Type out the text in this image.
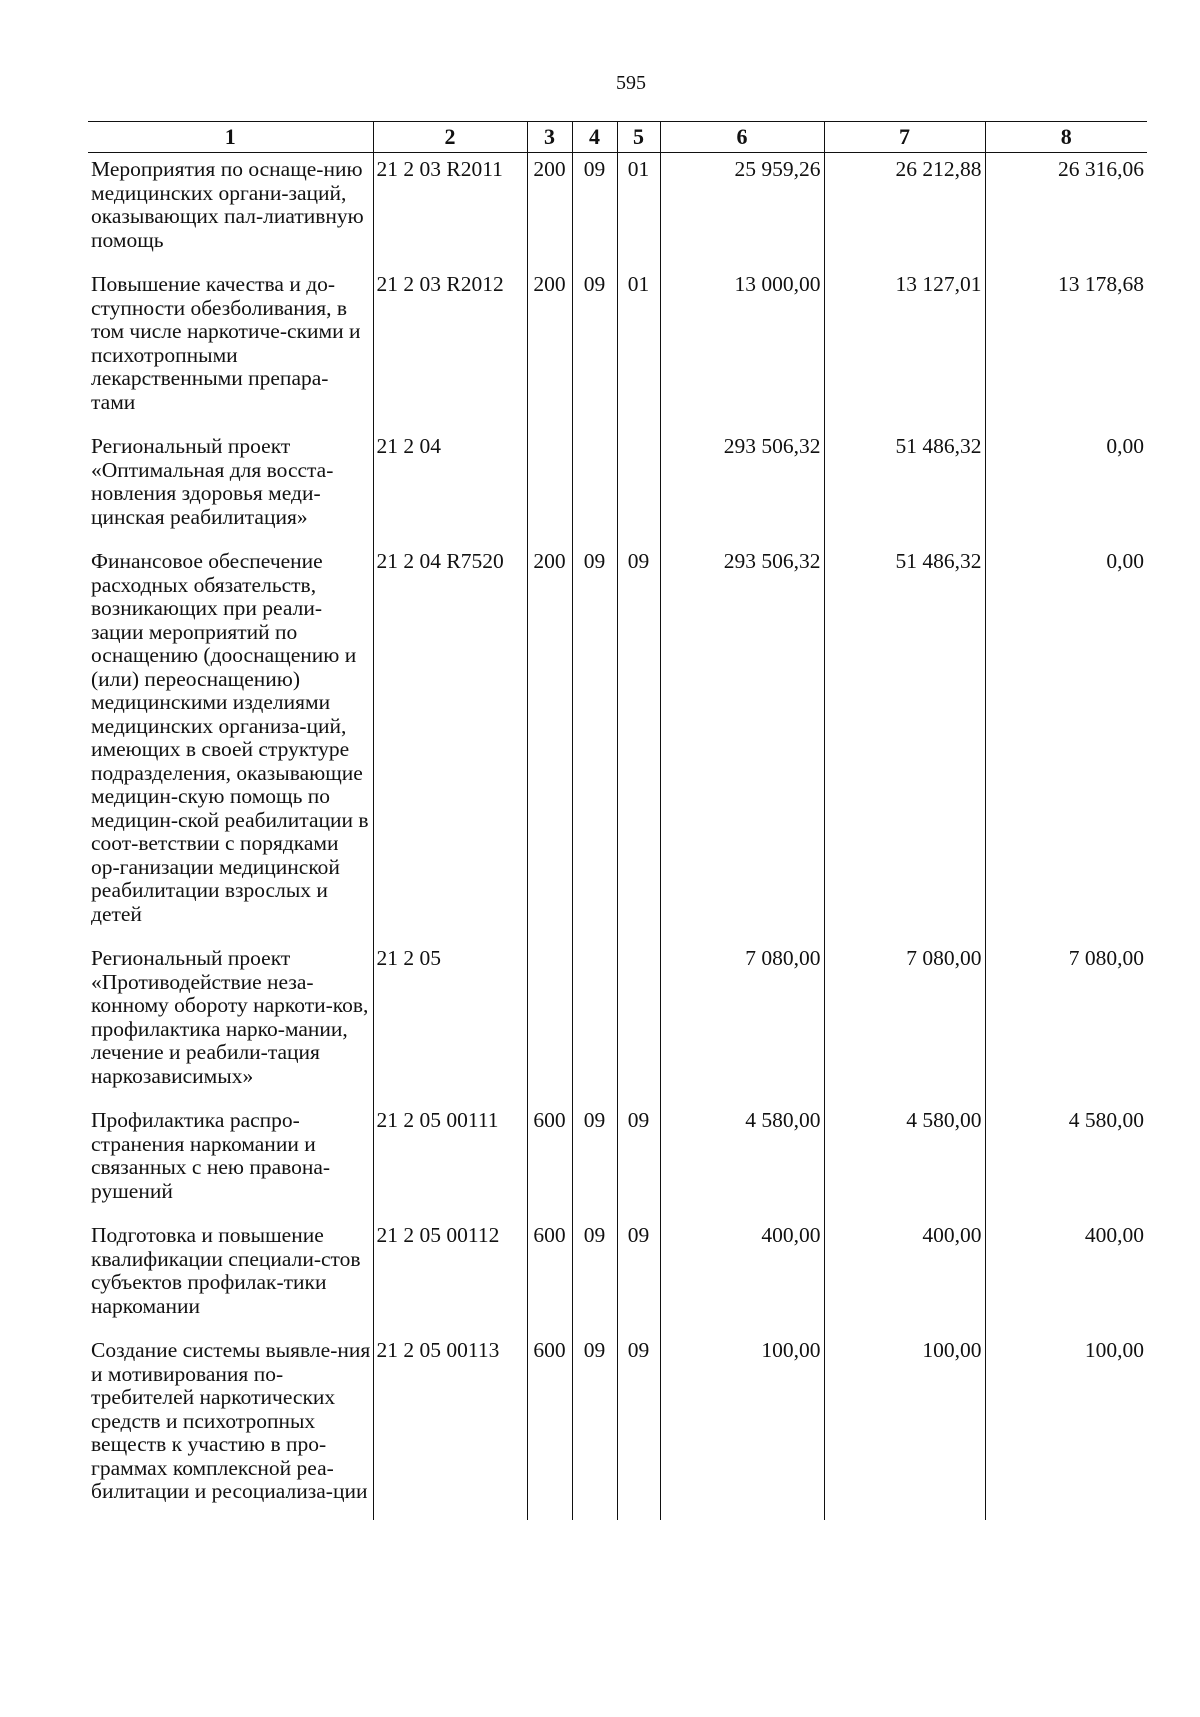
595
1	2	3	4	5	6	7	8
Мероприятия по оснаще-нию медицинских органи-заций, оказывающих пал-лиативную помощь	21 2 03 R2011	200	09	01	25 959,26	26 212,88	26 316,06
Повышение качества и до-ступности обезболивания, в том числе наркотиче-скими и психотропными лекарственными препара-тами	21 2 03 R2012	200	09	01	13 000,00	13 127,01	13 178,68
Региональный проект «Оптимальная для восста-новления здоровья меди-цинская реабилитация»	21 2 04				293 506,32	51 486,32	0,00
Финансовое обеспечение расходных обязательств, возникающих при реали-зации мероприятий по оснащению (дооснащению и (или) переоснащению) медицинскими изделиями медицинских организа-ций, имеющих в своей структуре подразделения, оказывающие медицин-скую помощь по медицин-ской реабилитации в соот-ветствии с порядками ор-ганизации медицинской реабилитации взрослых и детей	21 2 04 R7520	200	09	09	293 506,32	51 486,32	0,00
Региональный проект «Противодействие неза-конному обороту наркоти-ков, профилактика нарко-мании, лечение и реабили-тация наркозависимых»	21 2 05				7 080,00	7 080,00	7 080,00
Профилактика распро-странения наркомании и связанных с нею правона-рушений	21 2 05 00111	600	09	09	4 580,00	4 580,00	4 580,00
Подготовка и повышение квалификации специали-стов субъектов профилак-тики наркомании	21 2 05 00112	600	09	09	400,00	400,00	400,00
Создание системы выявле-ния и мотивирования по-требителей наркотических средств и психотропных веществ к участию в про-граммах комплексной реа-билитации и ресоциализа-ции	21 2 05 00113	600	09	09	100,00	100,00	100,00
